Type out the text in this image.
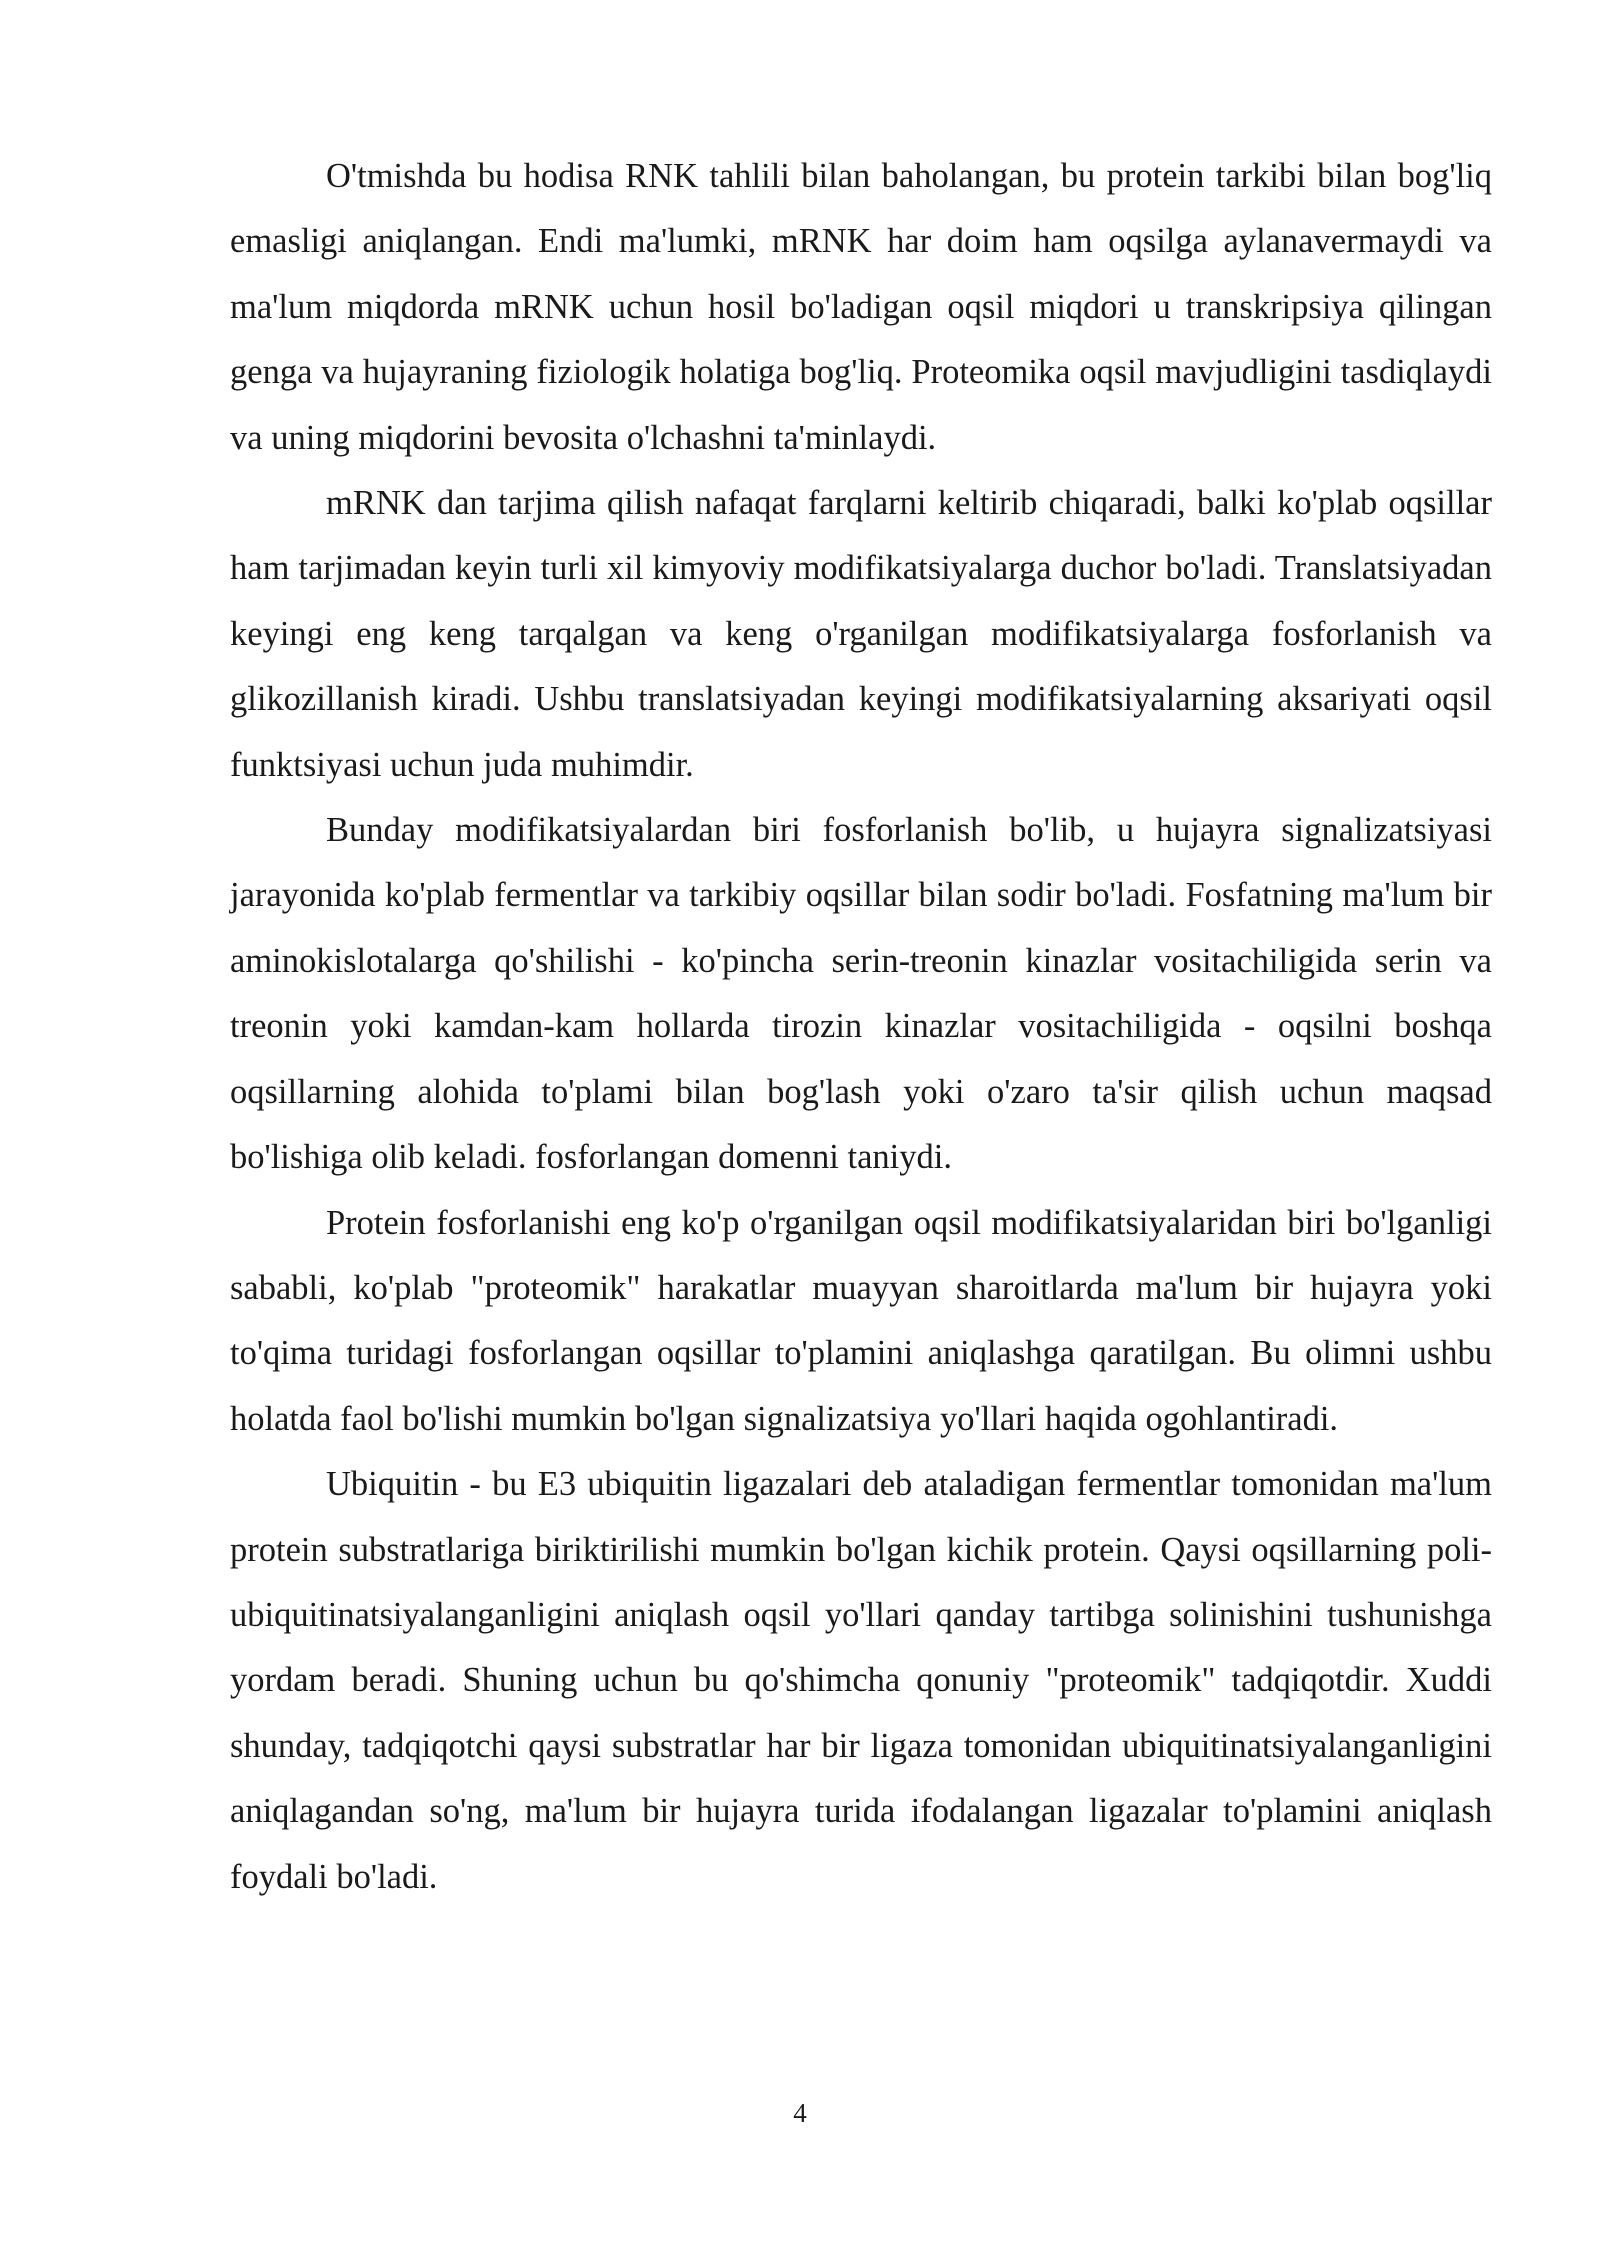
O'tmishda bu hodisa RNK tahlili bilan baholangan, bu protein tarkibi bilan bog'liq emasligi aniqlangan. Endi ma'lumki, mRNK har doim ham oqsilga aylanavermaydi va ma'lum miqdorda mRNK uchun hosil bo'ladigan oqsil miqdori u transkripsiya qilingan genga va hujayraning fiziologik holatiga bog'liq. Proteomika oqsil mavjudligini tasdiqlaydi va uning miqdorini bevosita o'lchashni ta'minlaydi.

mRNK dan tarjima qilish nafaqat farqlarni keltirib chiqaradi, balki ko'plab oqsillar ham tarjimadan keyin turli xil kimyoviy modifikatsiyalarga duchor bo'ladi. Translatsiyadan keyingi eng keng tarqalgan va keng o'rganilgan modifikatsiyalarga fosforlanish va glikozillanish kiradi. Ushbu translatsiyadan keyingi modifikatsiyalarning aksariyati oqsil funktsiyasi uchun juda muhimdir.

Bunday modifikatsiyalardan biri fosforlanish bo'lib, u hujayra signalizatsiyasi jarayonida ko'plab fermentlar va tarkibiy oqsillar bilan sodir bo'ladi. Fosfatning ma'lum bir aminokislotalarga qo'shilishi - ko'pincha serin-treonin kinazlar vositachiligida serin va treonin yoki kamdan-kam hollarda tirozin kinazlar vositachiligida - oqsilni boshqa oqsillarning alohida to'plami bilan bog'lash yoki o'zaro ta'sir qilish uchun maqsad bo'lishiga olib keladi. fosforlangan domenni taniydi.

Protein fosforlanishi eng ko'p o'rganilgan oqsil modifikatsiyalaridan biri bo'lganligi sababli, ko'plab "proteomik" harakatlar muayyan sharoitlarda ma'lum bir hujayra yoki to'qima turidagi fosforlangan oqsillar to'plamini aniqlashga qaratilgan. Bu olimni ushbu holatda faol bo'lishi mumkin bo'lgan signalizatsiya yo'llari haqida ogohlantiradi.

Ubiquitin - bu E3 ubiquitin ligazalari deb ataladigan fermentlar tomonidan ma'lum protein substratlariga biriktirilishi mumkin bo'lgan kichik protein. Qaysi oqsillarning poli-ubiquitinatsiyalanganligini aniqlash oqsil yo'llari qanday tartibga solinishini tushunishga yordam beradi. Shuning uchun bu qo'shimcha qonuniy "proteomik" tadqiqotdir. Xuddi shunday, tadqiqotchi qaysi substratlar har bir ligaza tomonidan ubiquitinatsiyalanganligini aniqlagandan so'ng, ma'lum bir hujayra turida ifodalangan ligazalar to'plamini aniqlash foydali bo'ladi.

4
